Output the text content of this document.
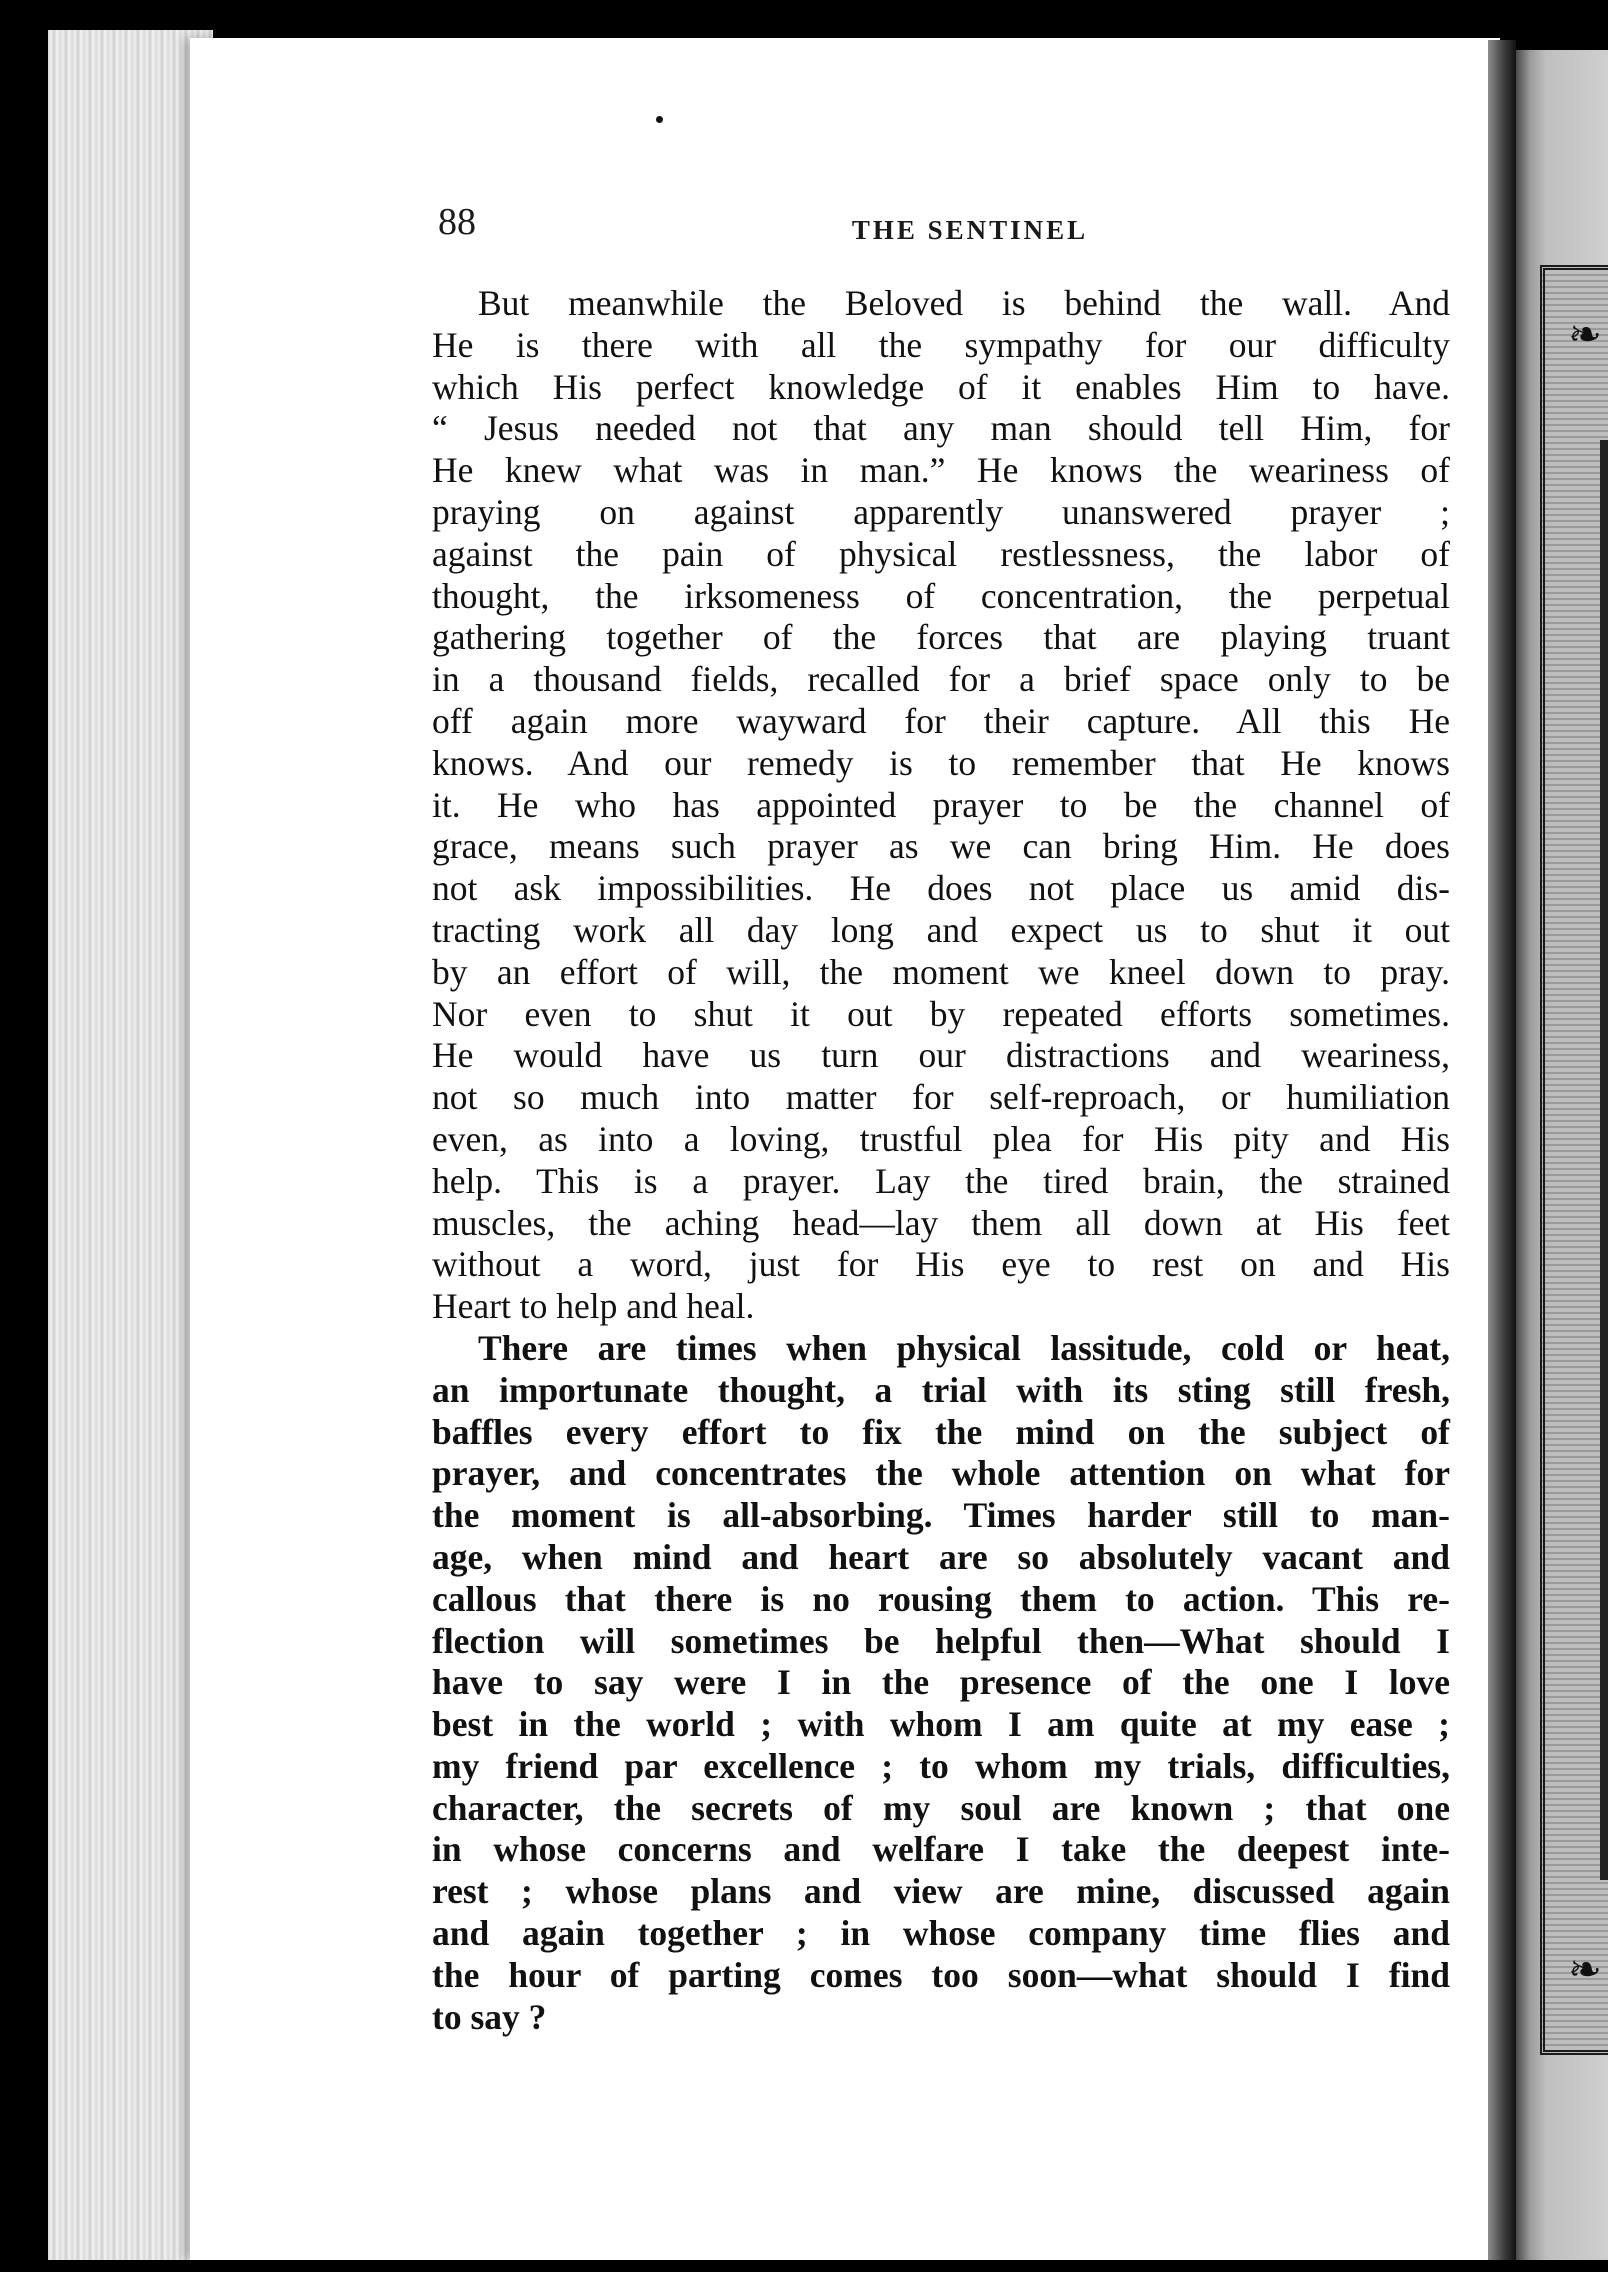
❧
❧
88	THE SENTINEL
But meanwhile the Beloved is behind the wall. And
He is there with all the sympathy for our difficulty
which His perfect knowledge of it enables Him to have.
“ Jesus needed not that any man should tell Him, for
He knew what was in man.” He knows the weariness of
praying on against apparently unanswered prayer ;
against the pain of physical restlessness, the labor of
thought, the irksomeness of concentration, the perpetual
gathering together of the forces that are playing truant
in a thousand fields, recalled for a brief space only to be
off again more wayward for their capture. All this He
knows. And our remedy is to remember that He knows
it. He who has appointed prayer to be the channel of
grace, means such prayer as we can bring Him. He does
not ask impossibilities. He does not place us amid dis-
tracting work all day long and expect us to shut it out
by an effort of will, the moment we kneel down to pray.
Nor even to shut it out by repeated efforts sometimes.
He would have us turn our distractions and weariness,
not so much into matter for self-reproach, or humiliation
even, as into a loving, trustful plea for His pity and His
help. This is a prayer. Lay the tired brain, the strained
muscles, the aching head—lay them all down at His feet
without a word, just for His eye to rest on and His
Heart to help and heal.
There are times when physical lassitude, cold or heat,
an importunate thought, a trial with its sting still fresh,
baffles every effort to fix the mind on the subject of
prayer, and concentrates the whole attention on what for
the moment is all-absorbing. Times harder still to man-
age, when mind and heart are so absolutely vacant and
callous that there is no rousing them to action. This re-
flection will sometimes be helpful then—What should I
have to say were I in the presence of the one I love
best in the world ; with whom I am quite at my ease ;
my friend par excellence ; to whom my trials, difficulties,
character, the secrets of my soul are known ; that one
in whose concerns and welfare I take the deepest inte-
rest ; whose plans and view are mine, discussed again
and again together ; in whose company time flies and
the hour of parting comes too soon—what should I find
to say ?
